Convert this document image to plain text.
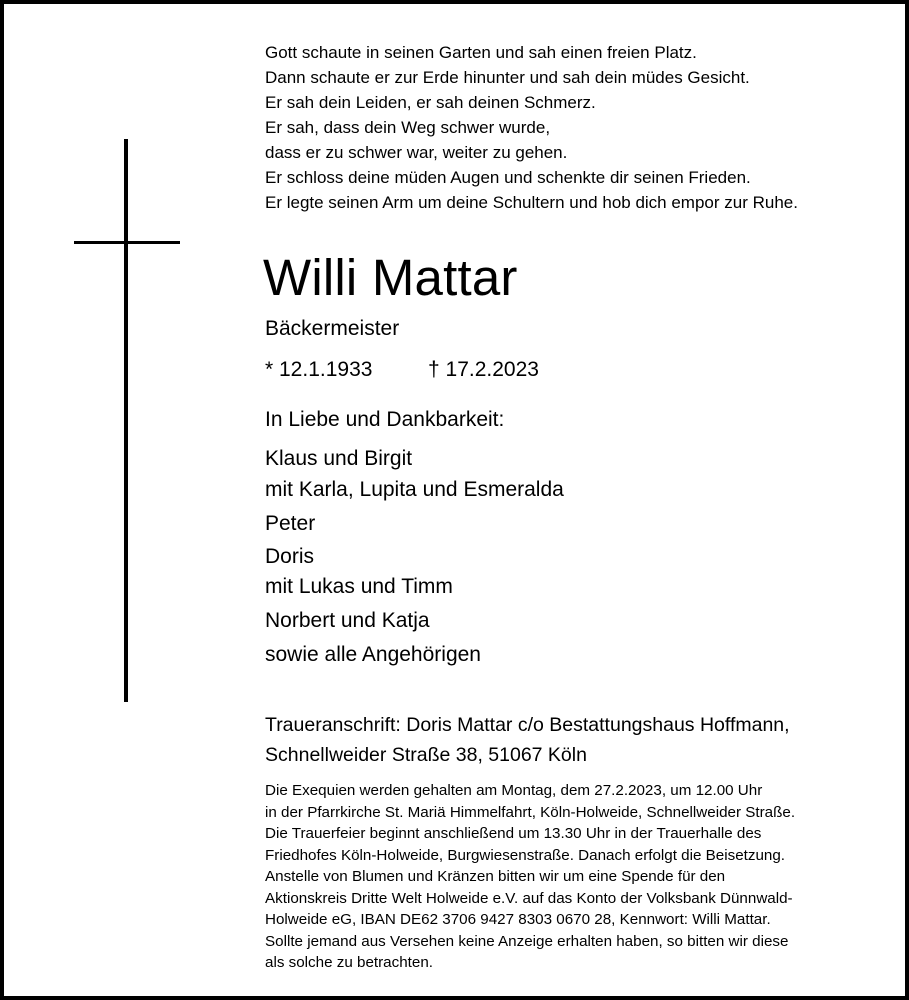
Gott schaute in seinen Garten und sah einen freien Platz.
Dann schaute er zur Erde hinunter und sah dein müdes Gesicht.
Er sah dein Leiden, er sah deinen Schmerz.
Er sah, dass dein Weg schwer wurde,
dass er zu schwer war, weiter zu gehen.
Er schloss deine müden Augen und schenkte dir seinen Frieden.
Er legte seinen Arm um deine Schultern und hob dich empor zur Ruhe.
Willi Mattar
Bäckermeister
* 12.1.1933	† 17.2.2023
In Liebe und Dankbarkeit:
Klaus und Birgit
mit Karla, Lupita und Esmeralda
Peter
Doris
mit Lukas und Timm
Norbert und Katja
sowie alle Angehörigen
Traueranschrift: Doris Mattar c/o Bestattungshaus Hoffmann,
Schnellweider Straße 38, 51067 Köln
Die Exequien werden gehalten am Montag, dem 27.2.2023, um 12.00 Uhr
in der Pfarrkirche St. Mariä Himmelfahrt, Köln-Holweide, Schnellweider Straße.
Die Trauerfeier beginnt anschließend um 13.30 Uhr in der Trauerhalle des
Friedhofes Köln-Holweide, Burgwiesenstraße. Danach erfolgt die Beisetzung.
Anstelle von Blumen und Kränzen bitten wir um eine Spende für den
Aktionskreis Dritte Welt Holweide e.V. auf das Konto der Volksbank Dünnwald-
Holweide eG, IBAN DE62 3706 9427 8303 0670 28, Kennwort: Willi Mattar.
Sollte jemand aus Versehen keine Anzeige erhalten haben, so bitten wir diese
als solche zu betrachten.
